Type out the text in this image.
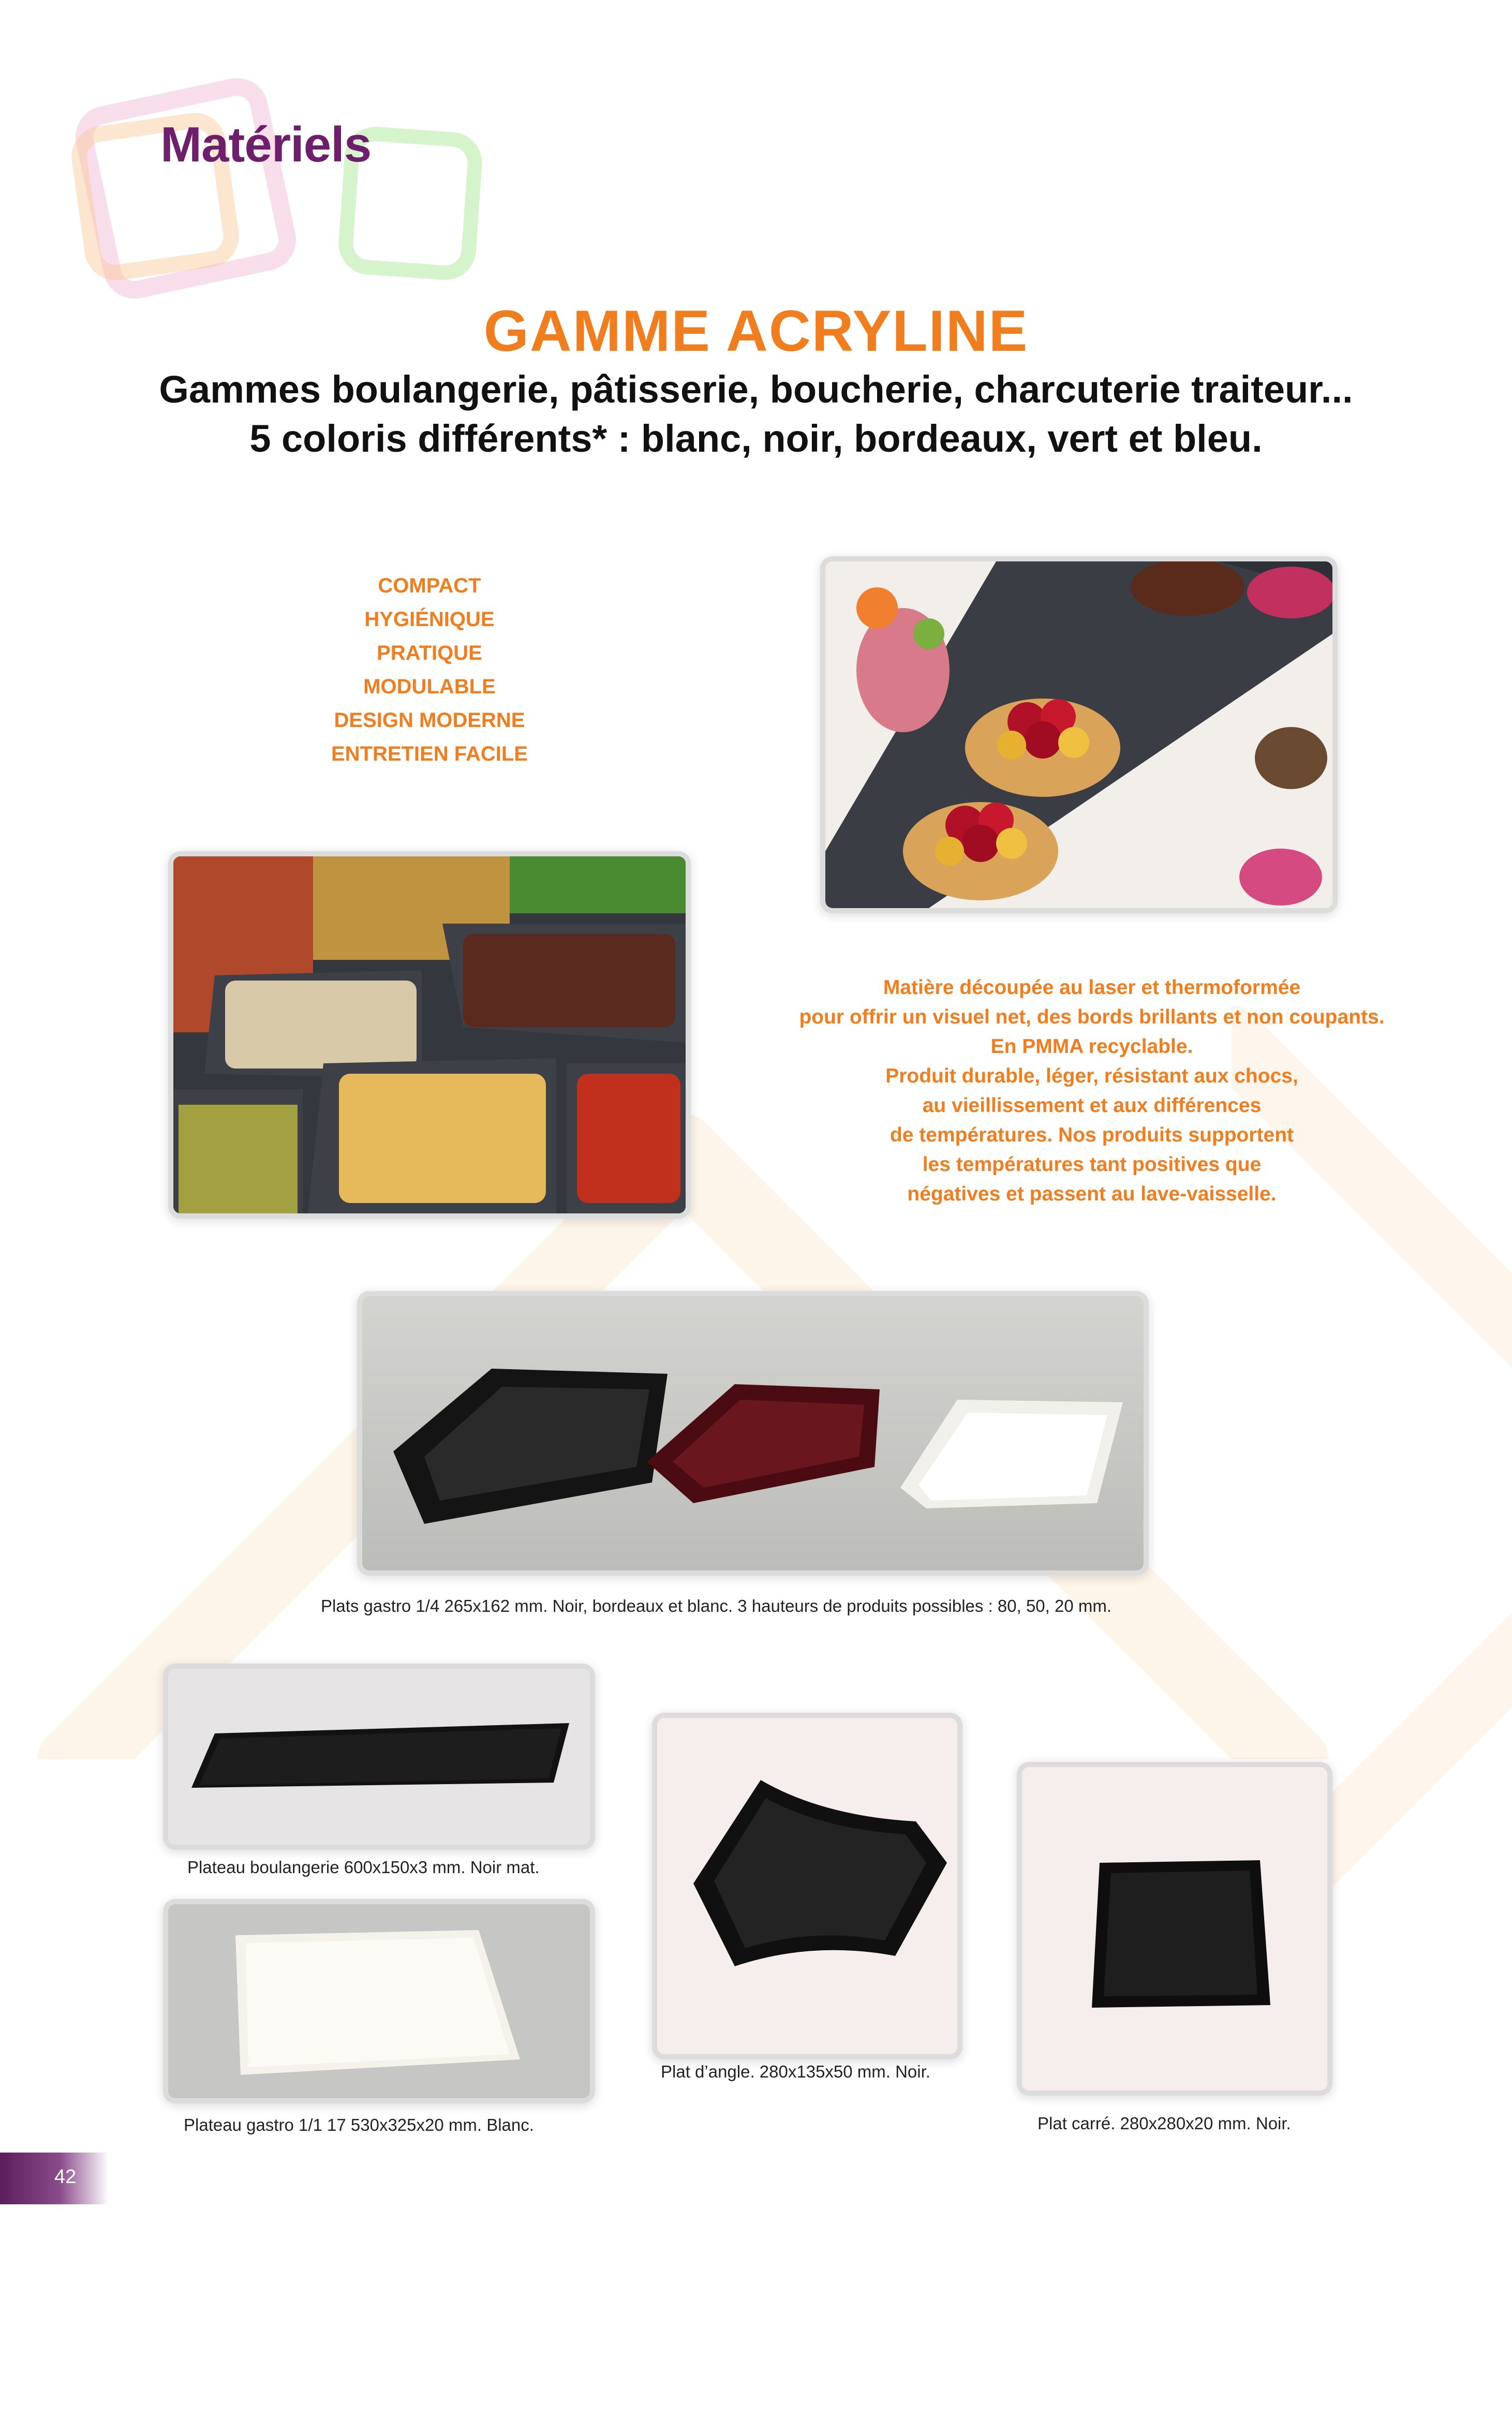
Matériels
GAMME ACRYLINE
Gammes boulangerie, pâtisserie, boucherie, charcuterie traiteur...
5 coloris différents* : blanc, noir, bordeaux, vert et bleu.
COMPACT
HYGIÉNIQUE
PRATIQUE
MODULABLE
DESIGN MODERNE
ENTRETIEN FACILE
Matière découpée au laser et thermoformée
pour offrir un visuel net, des bords brillants et non coupants.
En PMMA recyclable.
Produit durable, léger, résistant aux chocs,
au vieillissement et aux différences
de températures. Nos produits supportent
les températures tant positives que
négatives et passent au lave-vaisselle.
Plats gastro 1/4 265x162 mm. Noir, bordeaux et blanc. 3 hauteurs de produits possibles : 80, 50, 20 mm.
Plateau boulangerie 600x150x3 mm. Noir mat.
Plateau gastro 1/1 17 530x325x20 mm. Blanc.
Plat d’angle. 280x135x50 mm. Noir.
Plat carré. 280x280x20 mm. Noir.
42
